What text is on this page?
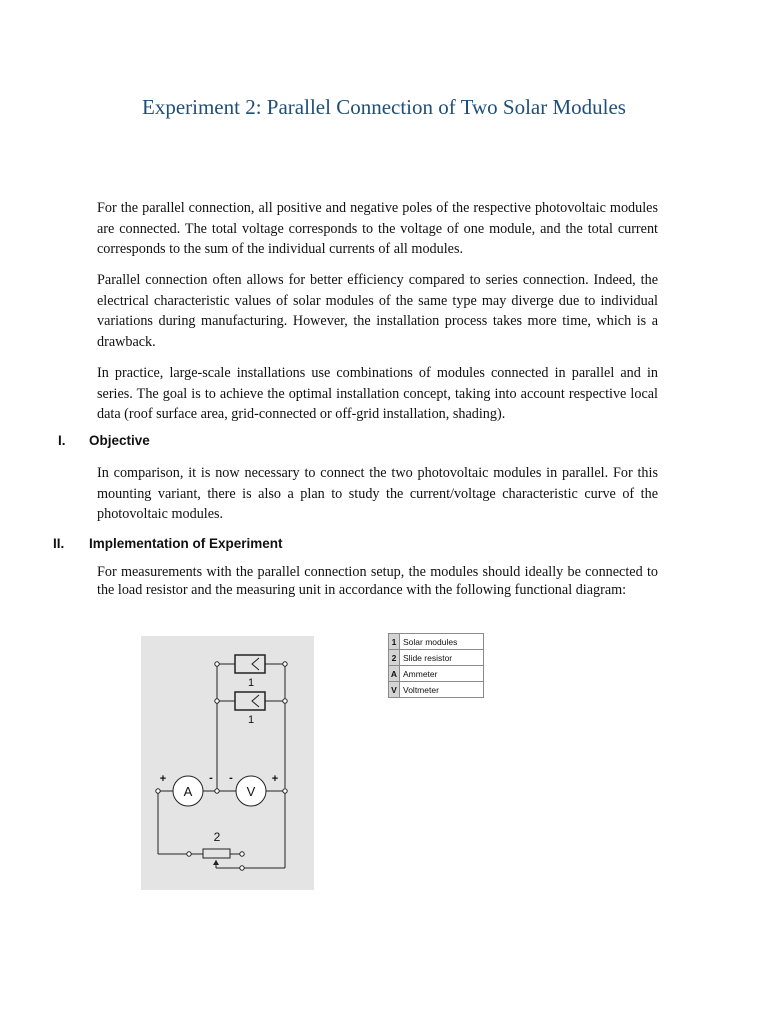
Experiment 2: Parallel Connection of Two Solar Modules

For the parallel connection, all positive and negative poles of the respective photovoltaic modules are connected. The total voltage corresponds to the voltage of one module, and the total current corresponds to the sum of the individual currents of all modules.

Parallel connection often allows for better efficiency compared to series connection. Indeed, the electrical characteristic values of solar modules of the same type may diverge due to individual variations during manufacturing. However, the installation process takes more time, which is a drawback.

In practice, large-scale installations use combinations of modules connected in parallel and in series. The goal is to achieve the optimal installation concept, taking into account respective local data (roof surface area, grid-connected or off-grid installation, shading).

I. Objective

In comparison, it is now necessary to connect the two photovoltaic modules in parallel. For this mounting variant, there is also a plan to study the current/voltage characteristic curve of the photovoltaic modules.

II. Implementation of Experiment

For measurements with the parallel connection setup, the modules should ideally be connected to the load resistor and the measuring unit in accordance with the following functional diagram:

1
1
A	V
2
+	- -	+
1	Solar modules
2	Slide resistor
A	Ammeter
V	Voltmeter
